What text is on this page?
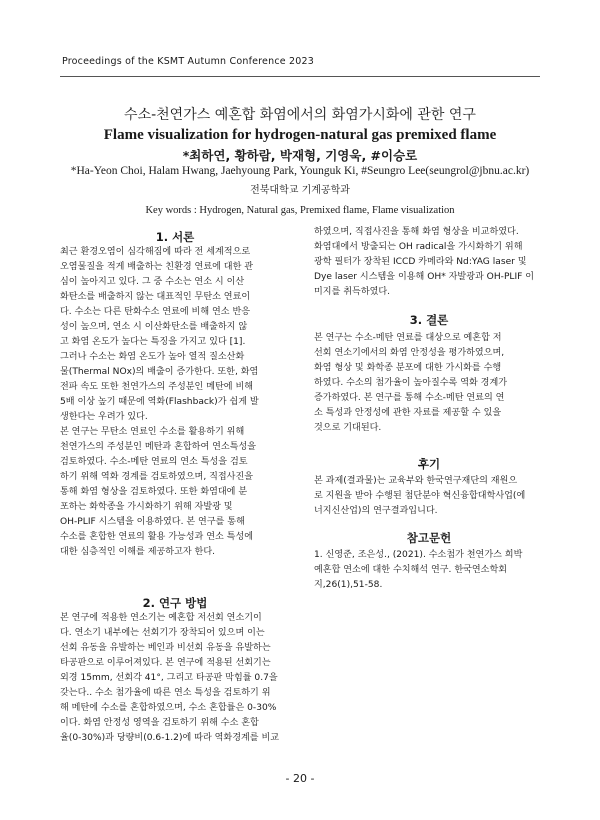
Proceedings of the KSMT Autumn Conference 2023
수소-천연가스 예혼합 화염에서의 화염가시화에 관한 연구
Flame visualization for hydrogen-natural gas premixed flame
*최하연, 황하람, 박재형, 기영욱, #이승로
*Ha-Yeon Choi, Halam Hwang, Jaehyoung Park, Younguk Ki, #Seungro Lee(seungrol@jbnu.ac.kr)
전북대학교 기계공학과
Key words : Hydrogen, Natural gas, Premixed flame, Flame visualization
1. 서론

최근 환경오염이 심각해짐에 따라 전 세계적으로

오염물질을 적게 배출하는 친환경 연료에 대한 관

심이 높아지고 있다. 그 중 수소는 연소 시 이산

화탄소를 배출하지 않는 대표적인 무탄소 연료이

다. 수소는 다른 탄화수소 연료에 비해 연소 반응

성이 높으며, 연소 시 이산화탄소를 배출하지 않

고 화염 온도가 높다는 특징을 가지고 있다 [1].

그러나 수소는 화염 온도가 높아 열적 질소산화

물(Thermal NOx)의 배출이 증가한다. 또한, 화염

전파 속도 또한 천연가스의 주성분인 메탄에 비해

5배 이상 높기 때문에 역화(Flashback)가 쉽게 발

생한다는 우려가 있다.

본 연구는 무탄소 연료인 수소를 활용하기 위해

천연가스의 주성분인 메탄과 혼합하여 연소특성을

검토하였다. 수소-메탄 연료의 연소 특성을 검토

하기 위해 역화 경계를 검토하였으며, 직접사진을

통해 화염 형상을 검토하였다. 또한 화염대에 분

포하는 화학종을 가시화하기 위해 자발광 및

OH-PLIF 시스템을 이용하였다. 본 연구를 통해

수소를 혼합한 연료의 활용 가능성과 연소 특성에

대한 심층적인 이해를 제공하고자 한다.

2. 연구 방법

본 연구에 적용한 연소기는 예혼합 저선회 연소기이

다. 연소기 내부에는 선회기가 장착되어 있으며 이는

선회 유동을 유발하는 베인과 비선회 유동을 유발하는

타공판으로 이루어져있다. 본 연구에 적용된 선회기는

외경 15mm, 선회각 41°, 그리고 타공판 막힘률 0.7을

갖는다.. 수소 첨가율에 따른 연소 특성을 검토하기 위

해 메탄에 수소를 혼합하였으며, 수소 혼합률은 0-30%

이다. 화염 안정성 영역을 검토하기 위해 수소 혼합

율(0-30%)과 당량비(0.6-1.2)에 따라 역화경계를 비교

하였으며, 직접사진을 통해 화염 형상을 비교하였다.

화염대에서 방출되는 OH radical을 가시화하기 위해

광학 필터가 장착된 ICCD 카메라와 Nd:YAG laser 및

Dye laser 시스템을 이용해 OH* 자발광과 OH-PLIF 이

미지를 취득하였다.

3. 결론

본 연구는 수소-메탄 연료를 대상으로 예혼합 저

선회 연소기에서의 화염 안정성을 평가하였으며,

화염 형상 및 화학종 분포에 대한 가시화를 수행

하였다. 수소의 첨가율이 높아질수록 역화 경계가

증가하였다. 본 연구를 통해 수소-메탄 연료의 연

소 특성과 안정성에 관한 자료를 제공할 수 있을

것으로 기대된다.

후기

본 과제(결과물)는 교육부와 한국연구재단의 재원으

로 지원을 받아 수행된 첨단분야 혁신융합대학사업(에

너지신산업)의 연구결과입니다.

참고문헌

1. 신영준, 조은성., (2021). 수소첨가 천연가스 희박

예혼합 연소에 대한 수치해석 연구. 한국연소학회

지,26(1),51-58.

- 20 -
